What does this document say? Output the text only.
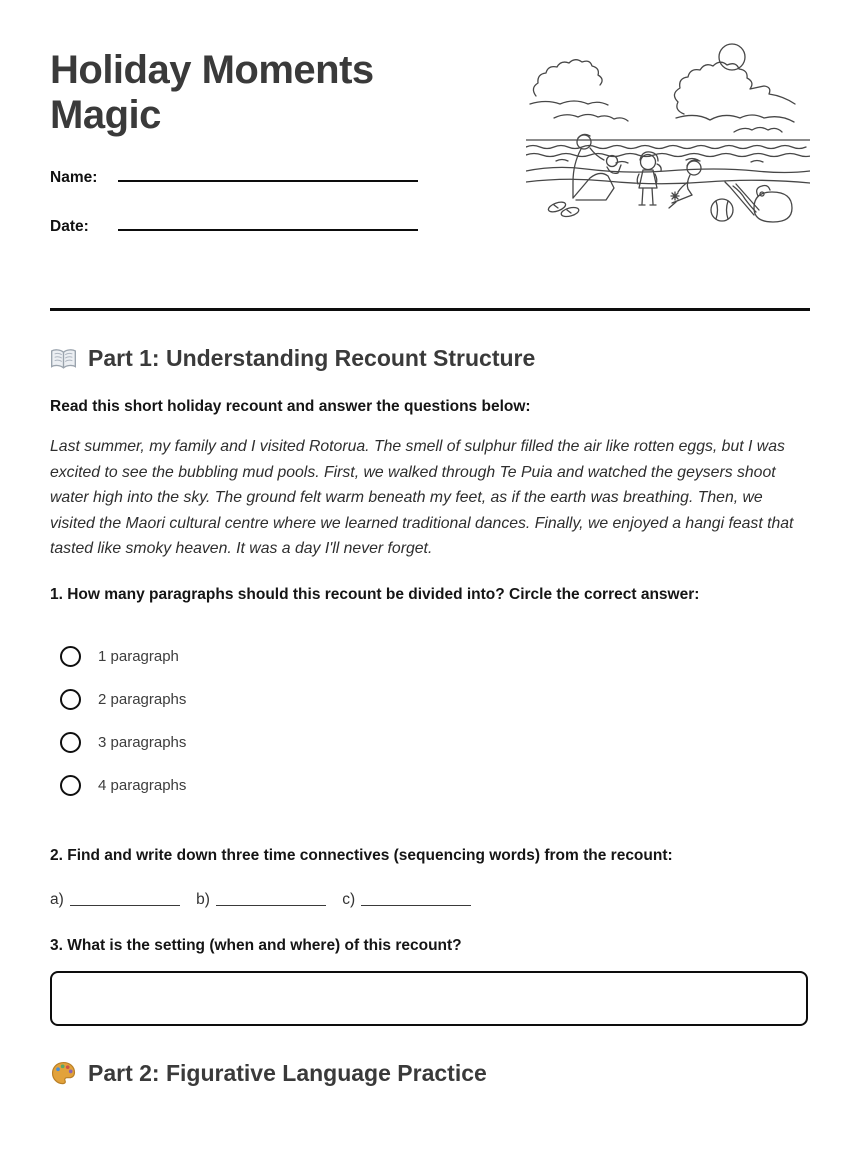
Holiday Moments Magic
Name:
Date:
Part 1: Understanding Recount Structure

Read this short holiday recount and answer the questions below:

Last summer, my family and I visited Rotorua. The smell of sulphur filled the air like rotten eggs, but I was excited to see the bubbling mud pools. First, we walked through Te Puia and watched the geysers shoot water high into the sky. The ground felt warm beneath my feet, as if the earth was breathing. Then, we visited the Maori cultural centre where we learned traditional dances. Finally, we enjoyed a hangi feast that tasted like smoky heaven. It was a day I'll never forget.

1. How many paragraphs should this recount be divided into? Circle the correct answer:

1 paragraph
2 paragraphs
3 paragraphs
4 paragraphs

2. Find and write down three time connectives (sequencing words) from the recount:

a)	b)	c)

3. What is the setting (when and where) of this recount?

Part 2: Figurative Language Practice
